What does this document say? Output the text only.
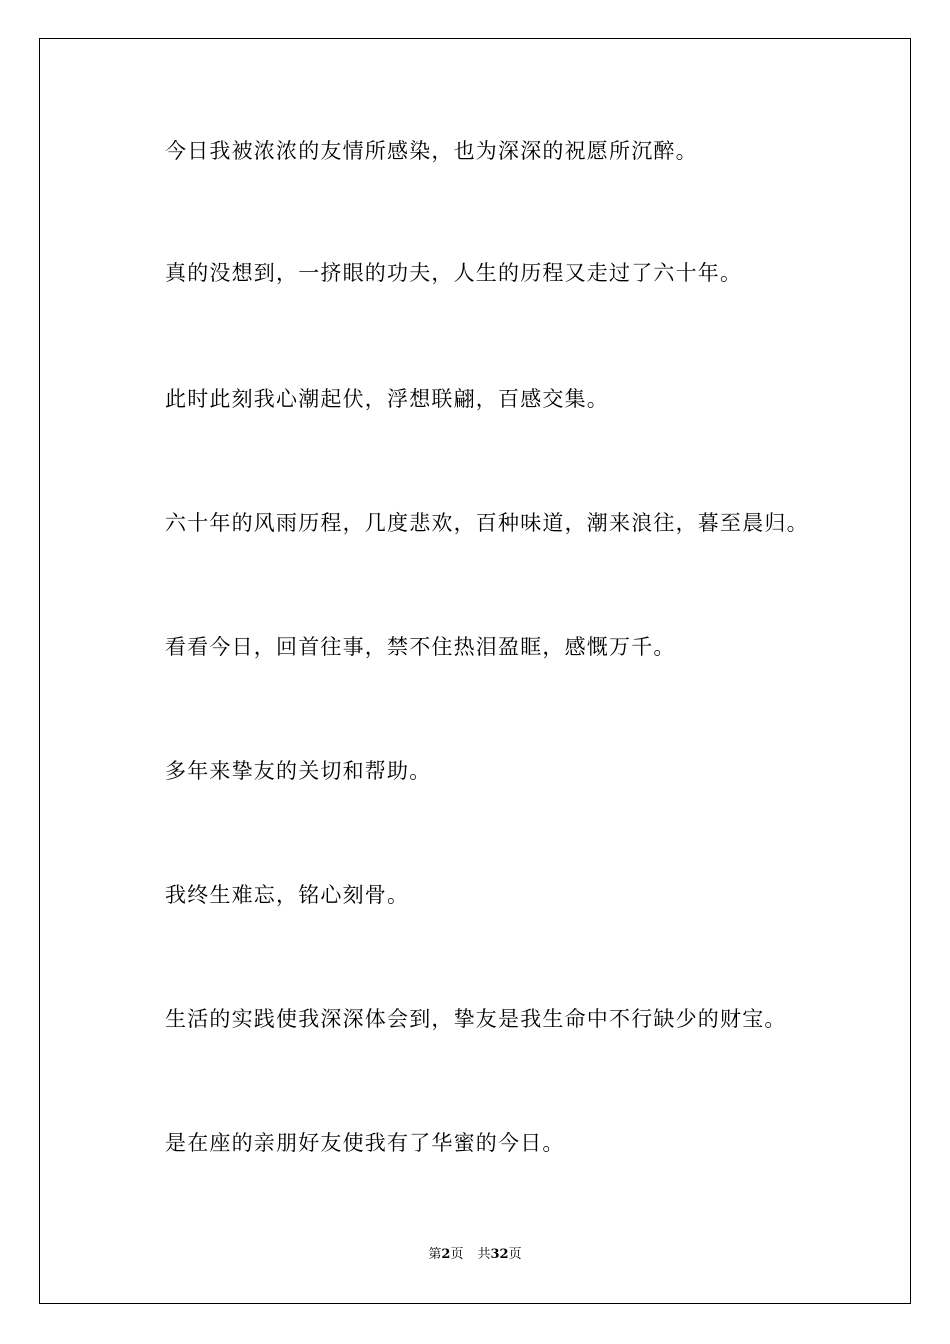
今日我被浓浓的友情所感染，也为深深的祝愿所沉醉。

真的没想到，一挤眼的功夫，人生的历程又走过了六十年。

此时此刻我心潮起伏，浮想联翩，百感交集。

六十年的风雨历程，几度悲欢，百种味道，潮来浪往，暮至晨归。

看看今日，回首往事，禁不住热泪盈眶，感慨万千。

多年来挚友的关切和帮助。

我终生难忘，铭心刻骨。

生活的实践使我深深体会到，挚友是我生命中不行缺少的财宝。

是在座的亲朋好友使我有了华蜜的今日。

第2页 共32页
